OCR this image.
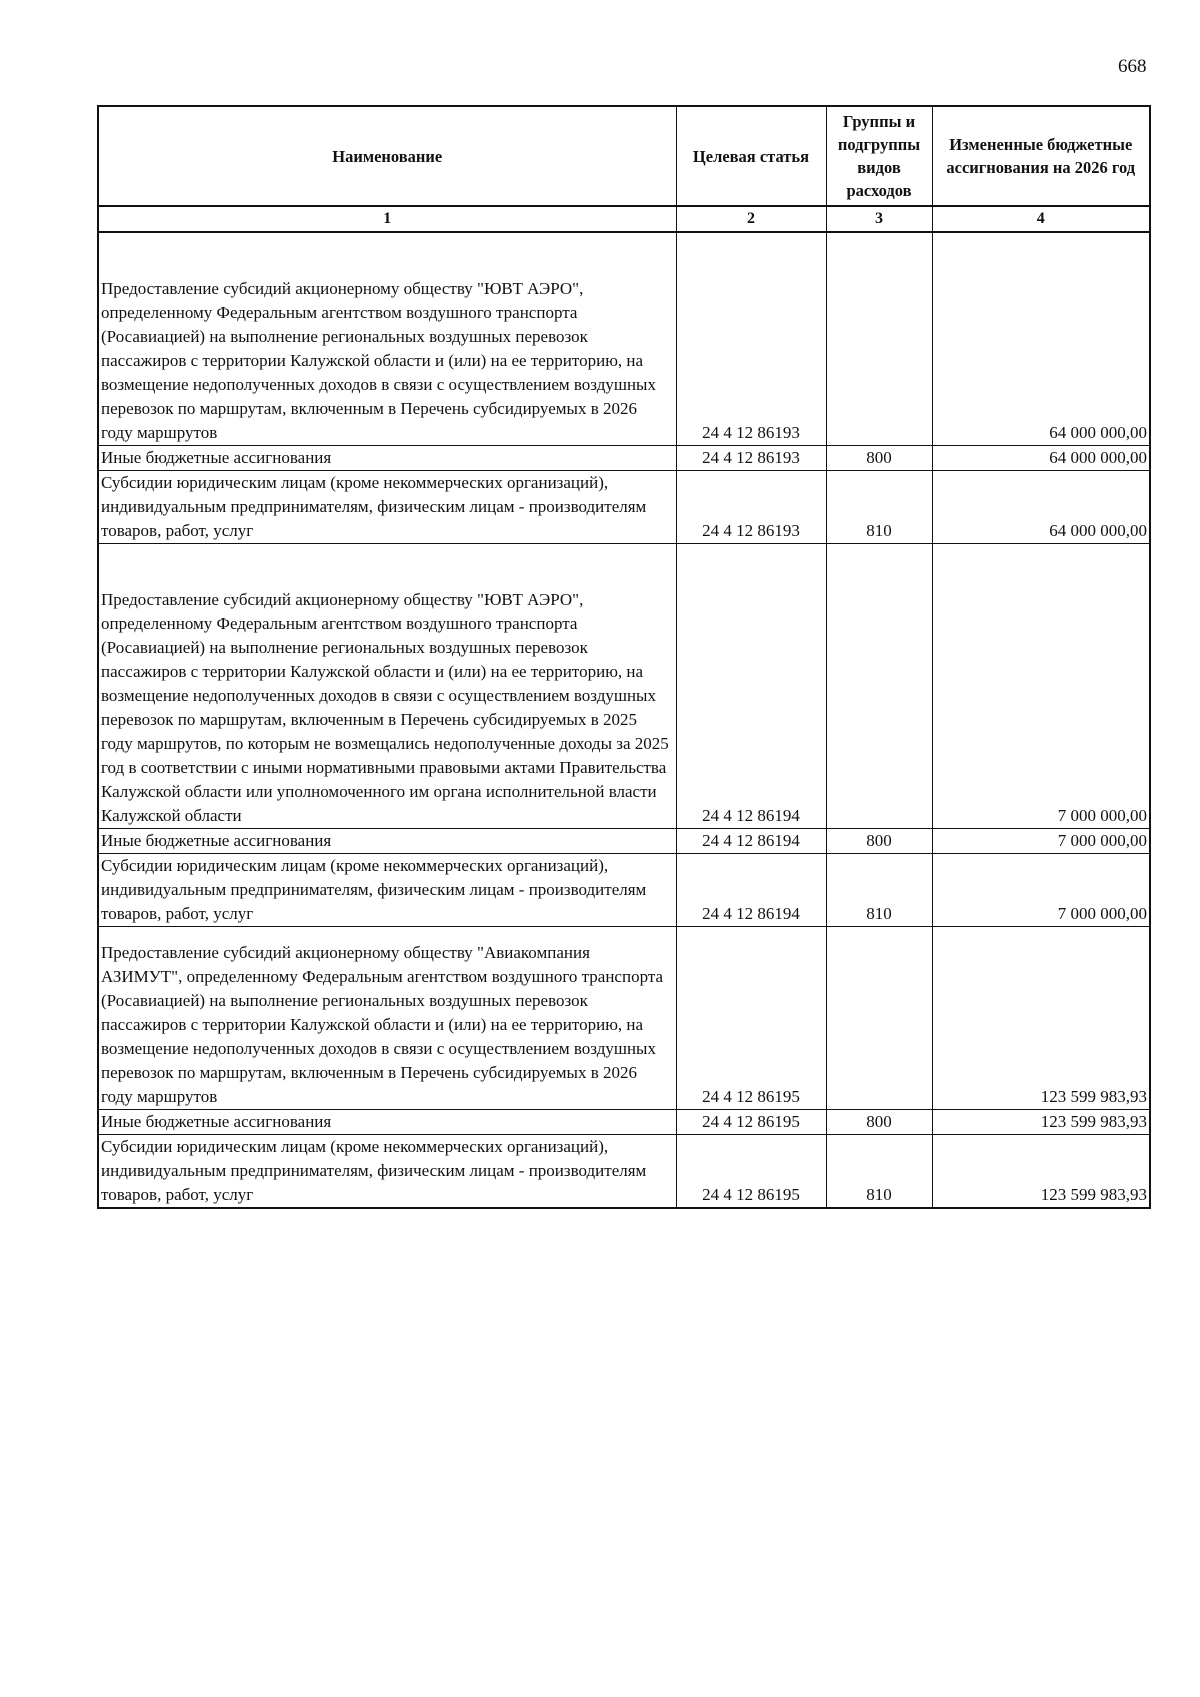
668
Наименование	Целевая статья	Группы и подгруппы видов расходов	Измененные бюджетные ассигнования на 2026 год
1	2	3	4
Предоставление субсидий акционерному обществу "ЮВТ АЭРО", определенному Федеральным агентством воздушного транспорта (Росавиацией) на выполнение региональных воздушных перевозок пассажиров с территории Калужской области и (или) на ее территорию, на возмещение недополученных доходов в связи с осуществлением воздушных перевозок по маршрутам, включенным в Перечень субсидируемых в 2026 году маршрутов	24 4 12 86193		64 000 000,00
Иные бюджетные ассигнования	24 4 12 86193	800	64 000 000,00
Субсидии юридическим лицам (кроме некоммерческих организаций), индивидуальным предпринимателям, физическим лицам - производителям товаров, работ, услуг	24 4 12 86193	810	64 000 000,00
Предоставление субсидий акционерному обществу "ЮВТ АЭРО", определенному Федеральным агентством воздушного транспорта (Росавиацией) на выполнение региональных воздушных перевозок пассажиров с территории Калужской области и (или) на ее территорию, на возмещение недополученных доходов в связи с осуществлением воздушных перевозок по маршрутам, включенным в Перечень субсидируемых в 2025 году маршрутов, по которым не возмещались недополученные доходы за 2025 год в соответствии с иными нормативными правовыми актами Правительства Калужской области или уполномоченного им органа исполнительной власти Калужской области	24 4 12 86194		7 000 000,00
Иные бюджетные ассигнования	24 4 12 86194	800	7 000 000,00
Субсидии юридическим лицам (кроме некоммерческих организаций), индивидуальным предпринимателям, физическим лицам - производителям товаров, работ, услуг	24 4 12 86194	810	7 000 000,00
Предоставление субсидий акционерному обществу "Авиакомпания АЗИМУТ", определенному Федеральным агентством воздушного транспорта (Росавиацией) на выполнение региональных воздушных перевозок пассажиров с территории Калужской области и (или) на ее территорию, на возмещение недополученных доходов в связи с осуществлением воздушных перевозок по маршрутам, включенным в Перечень субсидируемых в 2026 году маршрутов	24 4 12 86195		123 599 983,93
Иные бюджетные ассигнования	24 4 12 86195	800	123 599 983,93
Субсидии юридическим лицам (кроме некоммерческих организаций), индивидуальным предпринимателям, физическим лицам - производителям товаров, работ, услуг	24 4 12 86195	810	123 599 983,93
